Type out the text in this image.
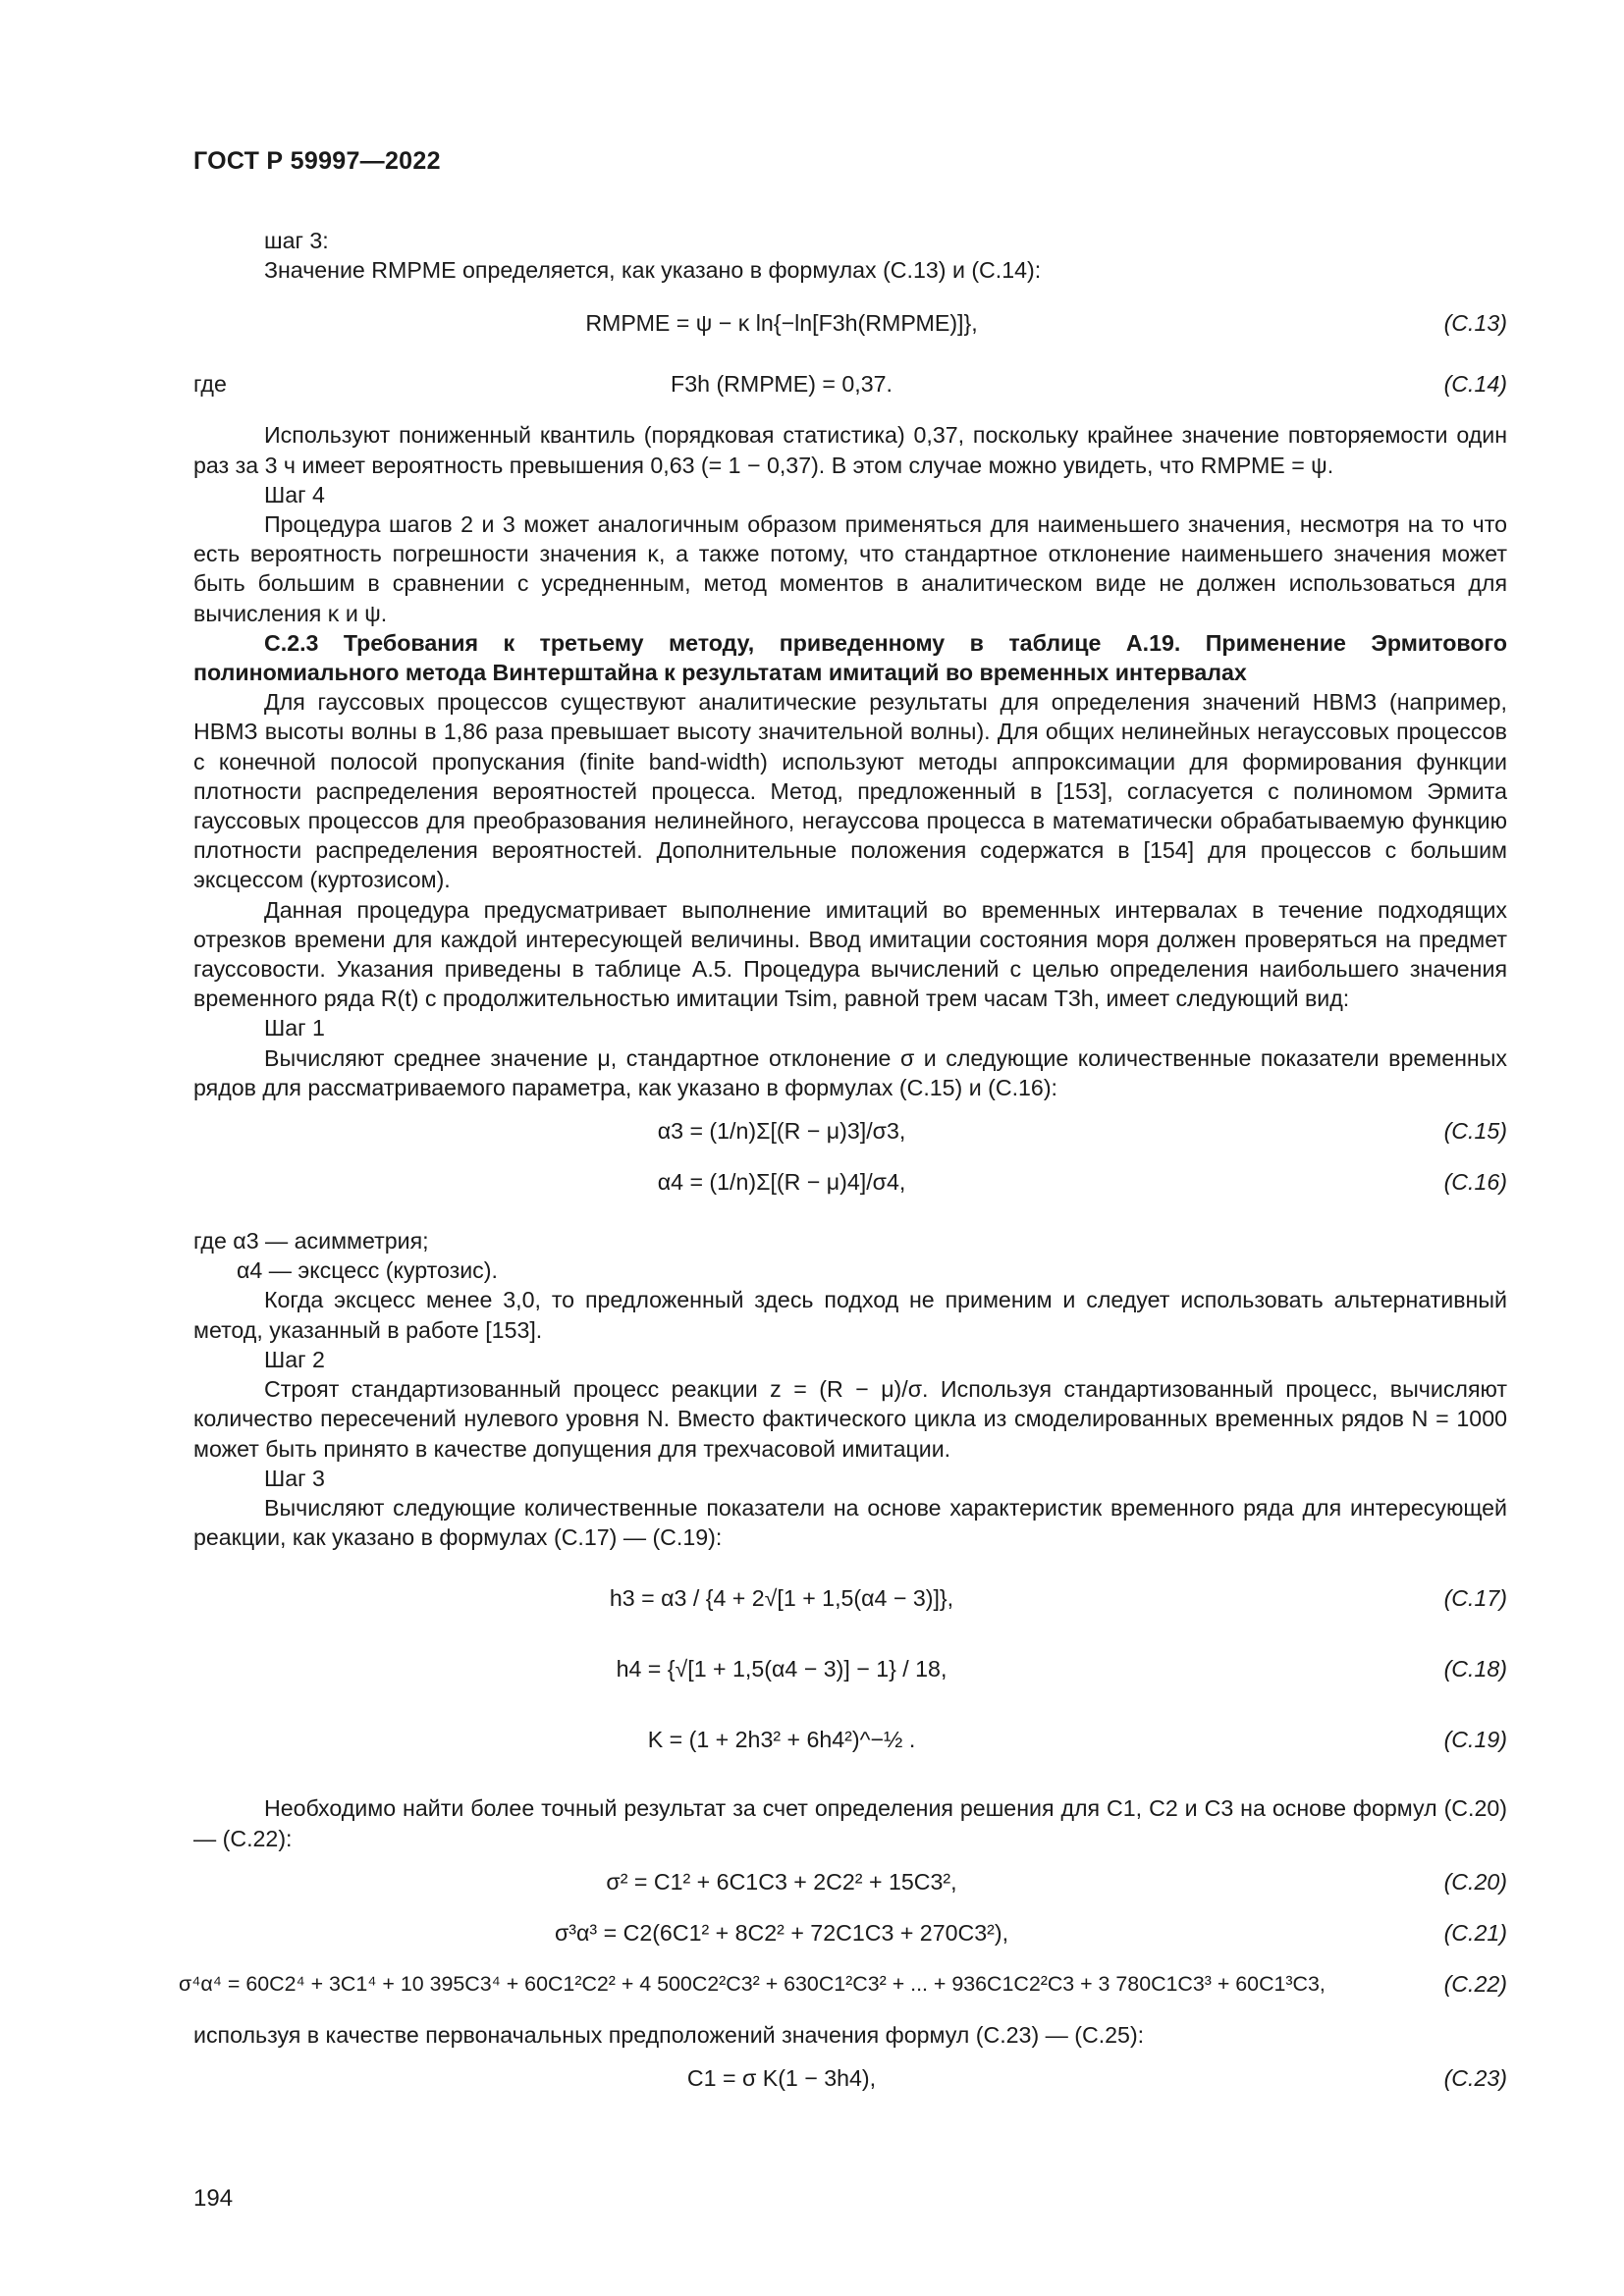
ГОСТ Р 59997—2022

шаг 3:

Значение RMPME определяется, как указано в формулах (С.13) и (С.14):

RМРМЕ = ψ − κ ln{−ln[F3h(RМРМЕ)]},	(С.13)
где	F3h (RМРМЕ) = 0,37.	(С.14)

Используют пониженный квантиль (порядковая статистика) 0,37, поскольку крайнее значение повторяемости один раз за 3 ч имеет вероятность превышения 0,63 (= 1 − 0,37). В этом случае можно увидеть, что RМРМЕ = ψ.

Шаг 4

Процедура шагов 2 и 3 может аналогичным образом применяться для наименьшего значения, несмотря на то что есть вероятность погрешности значения κ, а также потому, что стандартное отклонение наименьшего значения может быть большим в сравнении с усредненным, метод моментов в аналитическом виде не должен использоваться для вычисления κ и ψ.

С.2.3 Требования к третьему методу, приведенному в таблице А.19. Применение Эрмитового полиномиального метода Винтерштайна к результатам имитаций во временных интервалах

Для гауссовых процессов существуют аналитические результаты для определения значений НВМЗ (например, НВМЗ высоты волны в 1,86 раза превышает высоту значительной волны). Для общих нелинейных негауссовых процессов с конечной полосой пропускания (finite band-width) используют методы аппроксимации для формирования функции плотности распределения вероятностей процесса. Метод, предложенный в [153], согласуется с полиномом Эрмита гауссовых процессов для преобразования нелинейного, негауссова процесса в математически обрабатываемую функцию плотности распределения вероятностей. Дополнительные положения содержатся в [154] для процессов с большим эксцессом (куртозисом).

Данная процедура предусматривает выполнение имитаций во временных интервалах в течение подходящих отрезков времени для каждой интересующей величины. Ввод имитации состояния моря должен проверяться на предмет гауссовости. Указания приведены в таблице А.5. Процедура вычислений с целью определения наибольшего значения временного ряда R(t) с продолжительностью имитации Tsim, равной трем часам T3h, имеет следующий вид:

Шаг 1

Вычисляют среднее значение μ, стандартное отклонение σ и следующие количественные показатели временных рядов для рассматриваемого параметра, как указано в формулах (С.15) и (С.16):

α3 = (1/n)Σ[(R − μ)3]/σ3,	(С.15)
α4 = (1/n)Σ[(R − μ)4]/σ4,	(С.16)

где α3 — асимметрия;

α4 — эксцесс (куртозис).

Когда эксцесс менее 3,0, то предложенный здесь подход не применим и следует использовать альтернативный метод, указанный в работе [153].

Шаг 2

Строят стандартизованный процесс реакции z = (R − μ)/σ. Используя стандартизованный процесс, вычисляют количество пересечений нулевого уровня N. Вместо фактического цикла из смоделированных временных рядов N = 1000 может быть принято в качестве допущения для трехчасовой имитации.

Шаг 3

Вычисляют следующие количественные показатели на основе характеристик временного ряда для интересующей реакции, как указано в формулах (С.17) — (С.19):

h3 = α3 / {4 + 2√[1 + 1,5(α4 − 3)]},	(С.17)
h4 = {√[1 + 1,5(α4 − 3)] − 1} / 18,	(С.18)
K = (1 + 2h3² + 6h4²)^−½ .	(С.19)

Необходимо найти более точный результат за счет определения решения для C1, C2 и C3 на основе формул (С.20) — (С.22):

σ² = C1² + 6C1C3 + 2C2² + 15C3²,	(С.20)
σ³α³ = C2(6C1² + 8C2² + 72C1C3 + 270C3²),	(С.21)
σ⁴α⁴ = 60C2⁴ + 3C1⁴ + 10 395C3⁴ + 60C1²C2² + 4 500C2²C3² + 630C1²C3² + ... + 936C1C2²C3 + 3 780C1C3³ + 60C1³C3,	(С.22)

используя в качестве первоначальных предположений значения формул (С.23) — (С.25):

C1 = σ K(1 − 3h4),	(С.23)
194
